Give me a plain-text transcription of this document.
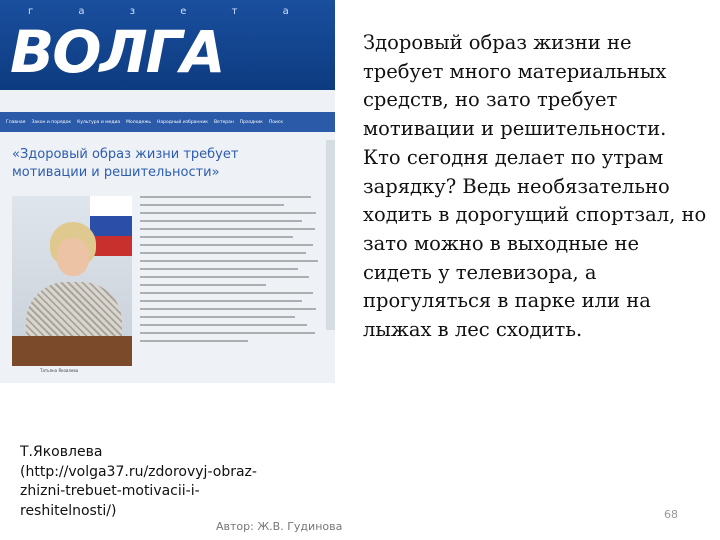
г а з е т а
ВОЛГА
Главная Закон и порядок Культура и медиа Молодежь Народный избранник Ветеран Праздник Поиск
«Здоровый образ жизни требует мотивации и решительности»
Татьяна Яковлева
Здоровый образ жизни не требует много материальных средств, но зато требует мотивации и решительности. Кто сегодня делает по утрам зарядку? Ведь необязательно ходить в дорогущий спортзал, но зато можно в выходные не сидеть у телевизора, а прогуляться в парке или на лыжах в лес сходить.
Т.Яковлева (http://volga37.ru/zdorovyj-obraz-zhizni-trebuet-motivacii-i-reshitelnosti/)
Автор: Ж.В. Гудинова
68
